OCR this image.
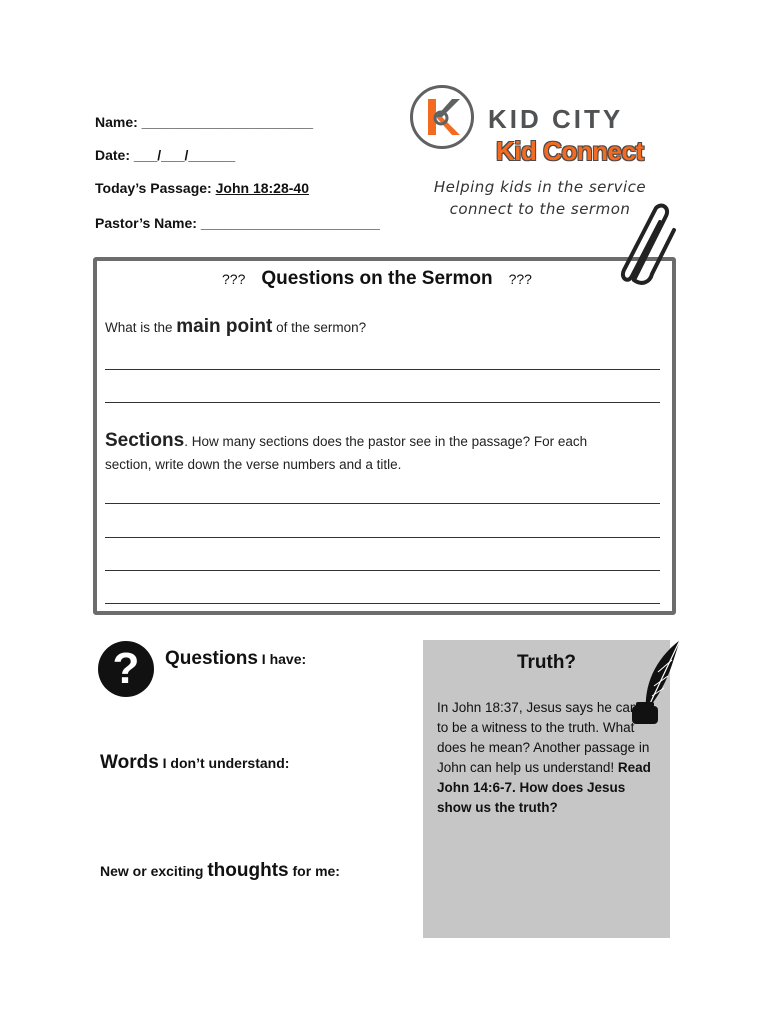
Name: ______________________
Date: ___/___/______
Today’s Passage: John 18:28-40
Pastor’s Name: _______________________
KID CITY
Kid Connect
Helping kids in the service
connect to the sermon
??? Questions on the Sermon ???
What is the main point of the sermon?
Sections. How many sections does the pastor see in the passage? For each
section, write down the verse numbers and a title.
?	Questions I have:
Words I don’t understand:
New or exciting thoughts for me:
Truth?
In John 18:37, Jesus says he came to be a witness to the truth. What does he mean? Another passage in John can help us understand! Read John 14:6-7. How does Jesus show us the truth?
